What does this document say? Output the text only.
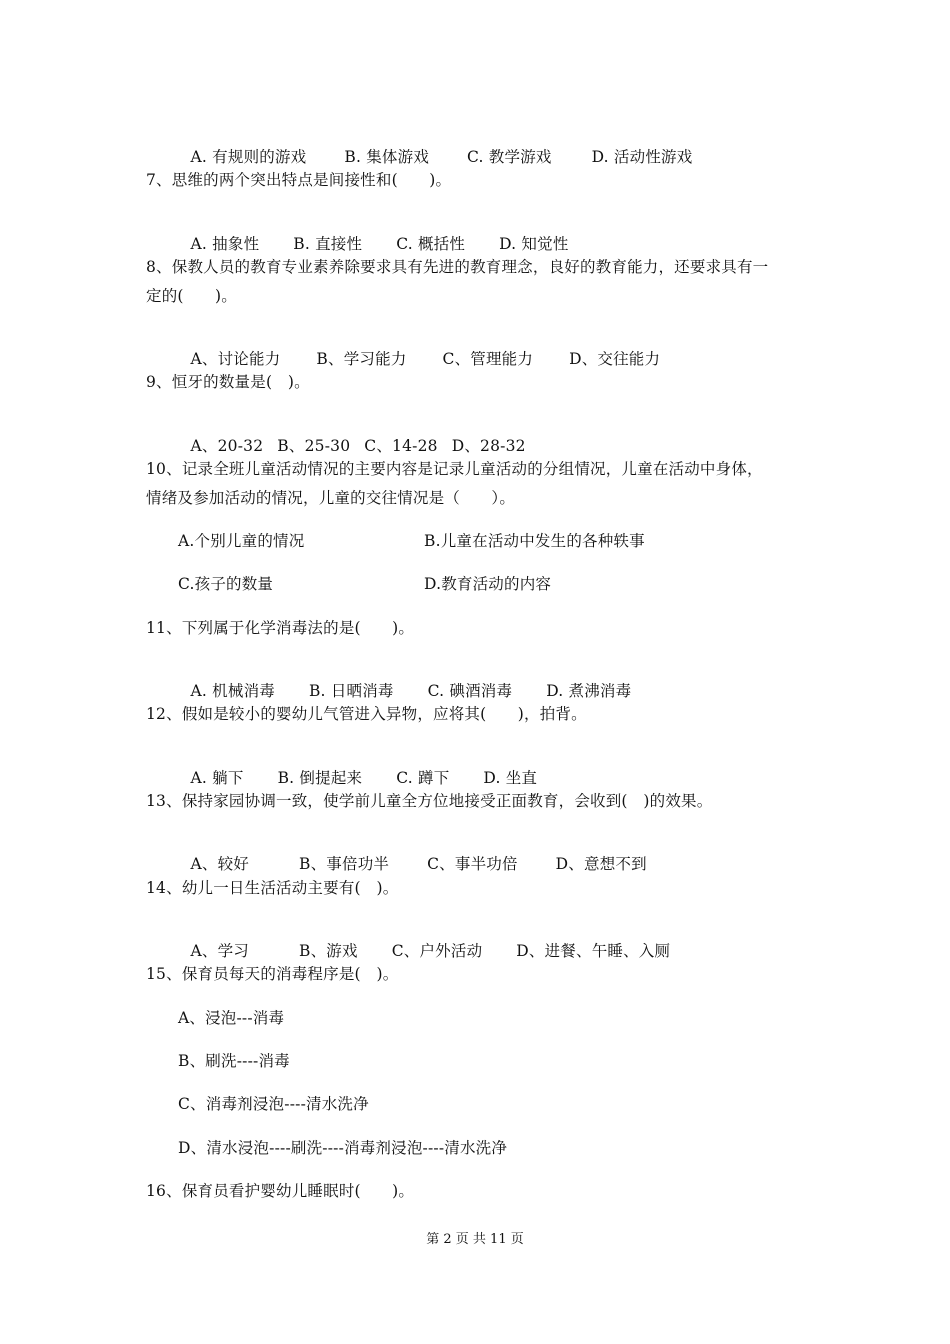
A. 有规则的游戏 B. 集体游戏 C. 教学游戏	D. 活动性游戏

7、思维的两个突出特点是间接性和(　　)。

A. 抽象性 B. 直接性 C. 概括性 D. 知觉性

8、保教人员的教育专业素养除要求具有先进的教育理念，良好的教育能力，还要求具有一
定的(　　)。

A、讨论能力 B、学习能力 C、管理能力 D、交往能力

9、恒牙的数量是(　)。

A、20-32 B、25-30 C、14-28 D、28-32

10、记录全班儿童活动情况的主要内容是记录儿童活动的分组情况，儿童在活动中身体，
情绪及参加活动的情况，儿童的交往情况是（　　）。
A.个别儿童的情况	B.儿童在活动中发生的各种轶事
C.孩子的数量	D.教育活动的内容
11、下列属于化学消毒法的是(　　)。

A. 机械消毒 B. 日晒消毒 C. 碘酒消毒 D. 煮沸消毒

12、假如是较小的婴幼儿气管进入异物，应将其(　　)，拍背。

A. 躺下 B. 倒提起来 C. 蹲下 D. 坐直

13、保持家园协调一致，使学前儿童全方位地接受正面教育，会收到(　)的效果。

A、较好	B、事倍功半 C、事半功倍 D、意想不到

14、幼儿一日生活活动主要有(　)。

A、学习	B、游戏 C、户外活动 D、进餐、午睡、入厕

15、保育员每天的消毒程序是(　)。
A、浸泡---消毒
B、刷洗----消毒
C、消毒剂浸泡----清水洗净
D、清水浸泡----刷洗----消毒剂浸泡----清水洗净
16、保育员看护婴幼儿睡眠时(　　)。
第 2 页 共 11 页
